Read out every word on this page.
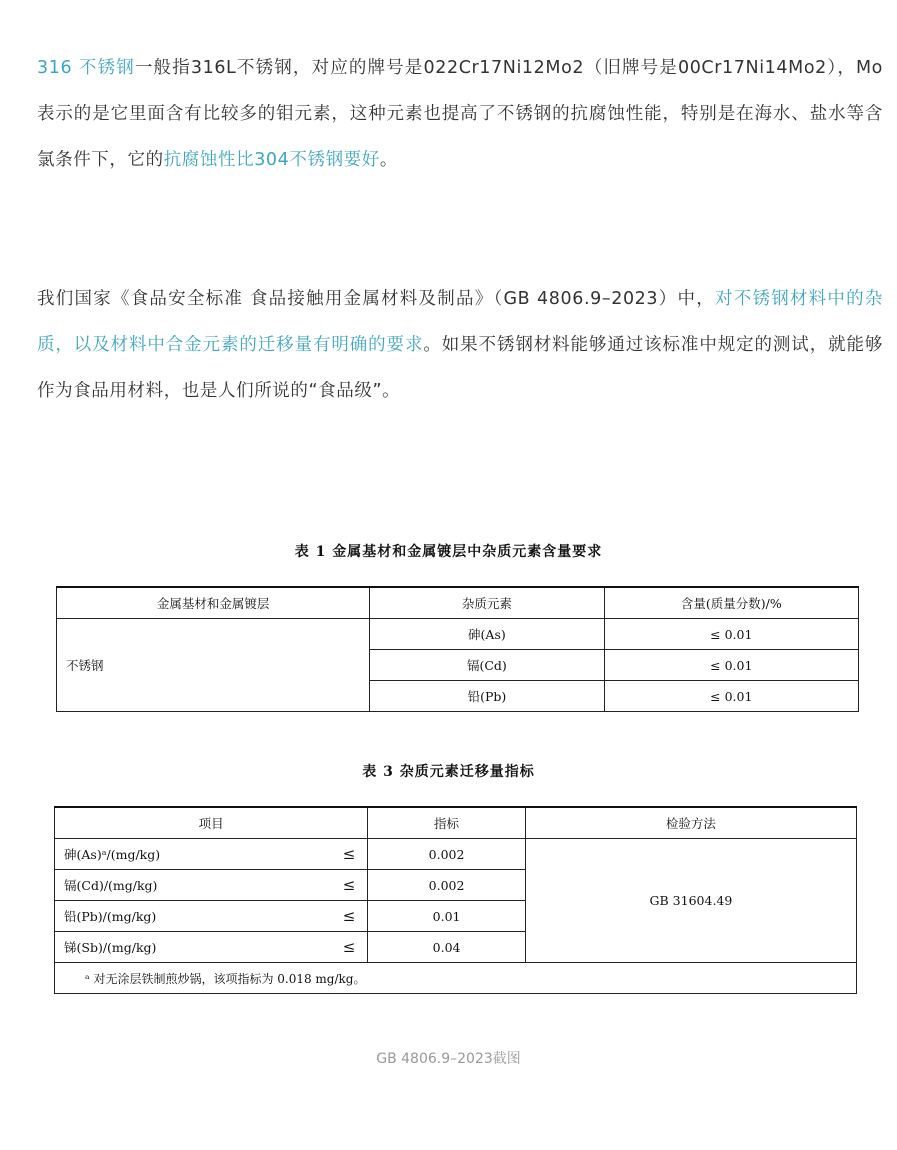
316 不锈钢一般指316L不锈钢，对应的牌号是022Cr17Ni12Mo2（旧牌号是00Cr17Ni14Mo2），Mo表示的是它里面含有比较多的钼元素，这种元素也提高了不锈钢的抗腐蚀性能，特别是在海水、盐水等含氯条件下，它的抗腐蚀性比304不锈钢要好。

我们国家《食品安全标准 食品接触用金属材料及制品》（GB 4806.9–2023）中，对不锈钢材料中的杂质，以及材料中合金元素的迁移量有明确的要求。如果不锈钢材料能够通过该标准中规定的测试，就能够作为食品用材料，也是人们所说的“食品级”。

表 1 金属基材和金属镀层中杂质元素含量要求
金属基材和金属镀层	杂质元素	含量(质量分数)/%
不锈钢	砷(As)	≤ 0.01
	镉(Cd)	≤ 0.01
	铅(Pb)	≤ 0.01
表 3 杂质元素迁移量指标
项目	指标	检验方法
砷(As)ᵃ/(mg/kg) ≤	0.002	GB 31604.49
镉(Cd)/(mg/kg) ≤	0.002	
铅(Pb)/(mg/kg) ≤	0.01	
锑(Sb)/(mg/kg) ≤	0.04	
ᵃ 对无涂层铁制煎炒锅，该项指标为 0.018 mg/kg。		
GB 4806.9–2023截图
